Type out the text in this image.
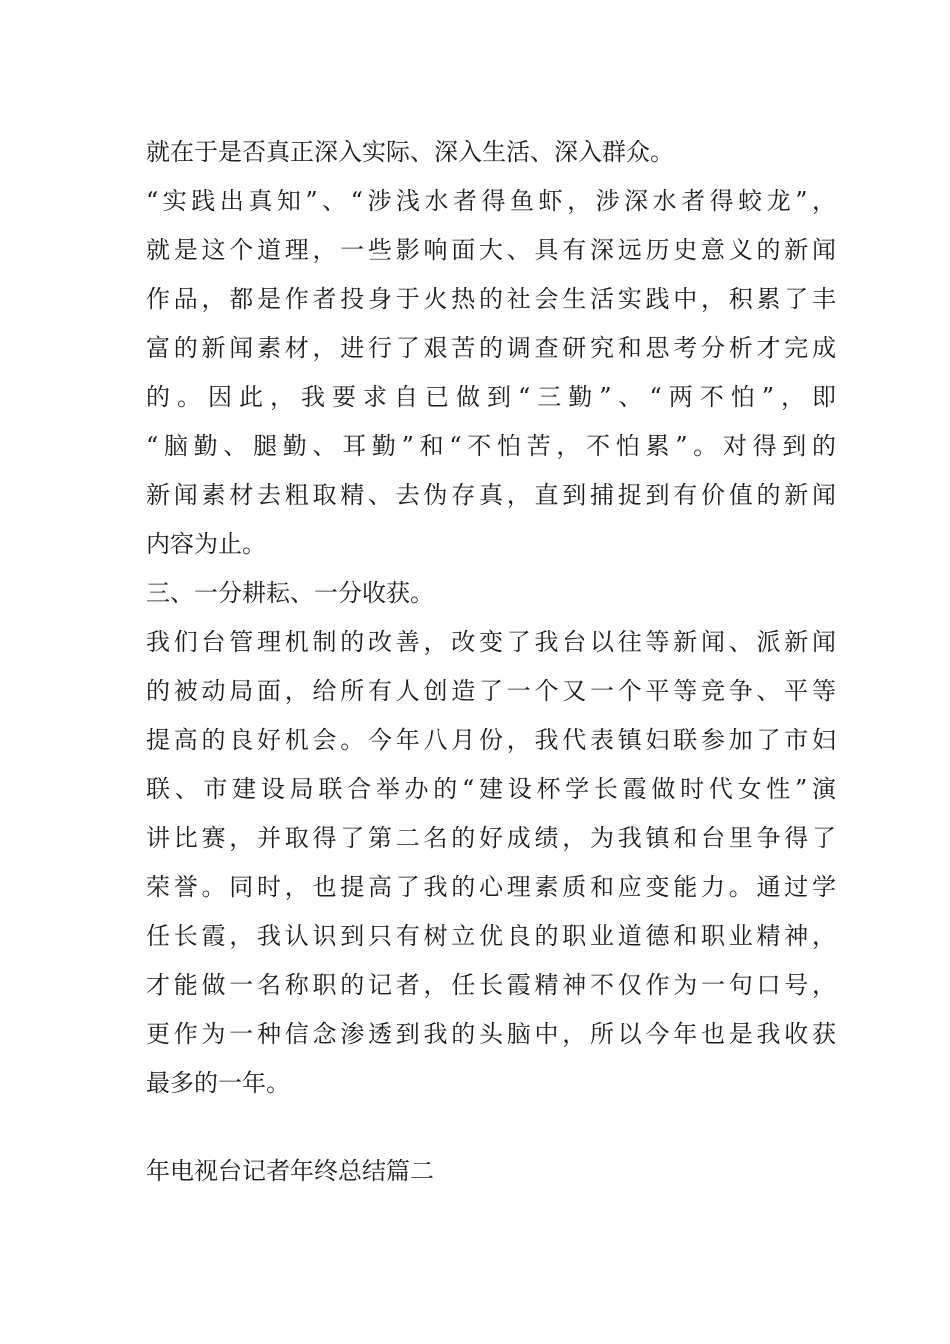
就在于是否真正深入实际、深入生活、深入群众。
“实践出真知”、“涉浅水者得鱼虾，涉深水者得蛟龙”，
就是这个道理，一些影响面大、具有深远历史意义的新闻
作品，都是作者投身于火热的社会生活实践中，积累了丰
富的新闻素材，进行了艰苦的调查研究和思考分析才完成
的。因此，我要求自已做到“三勤”、“两不怕”，即
“脑勤、腿勤、耳勤”和“不怕苦，不怕累”。对得到的
新闻素材去粗取精、去伪存真，直到捕捉到有价值的新闻
内容为止。
三、一分耕耘、一分收获。
我们台管理机制的改善，改变了我台以往等新闻、派新闻
的被动局面，给所有人创造了一个又一个平等竞争、平等
提高的良好机会。今年八月份，我代表镇妇联参加了市妇
联、市建设局联合举办的“建设杯学长霞做时代女性”演
讲比赛，并取得了第二名的好成绩，为我镇和台里争得了
荣誉。同时，也提高了我的心理素质和应变能力。通过学
任长霞，我认识到只有树立优良的职业道德和职业精神，
才能做一名称职的记者，任长霞精神不仅作为一句口号，
更作为一种信念渗透到我的头脑中，所以今年也是我收获
最多的一年。
年电视台记者年终总结篇二
